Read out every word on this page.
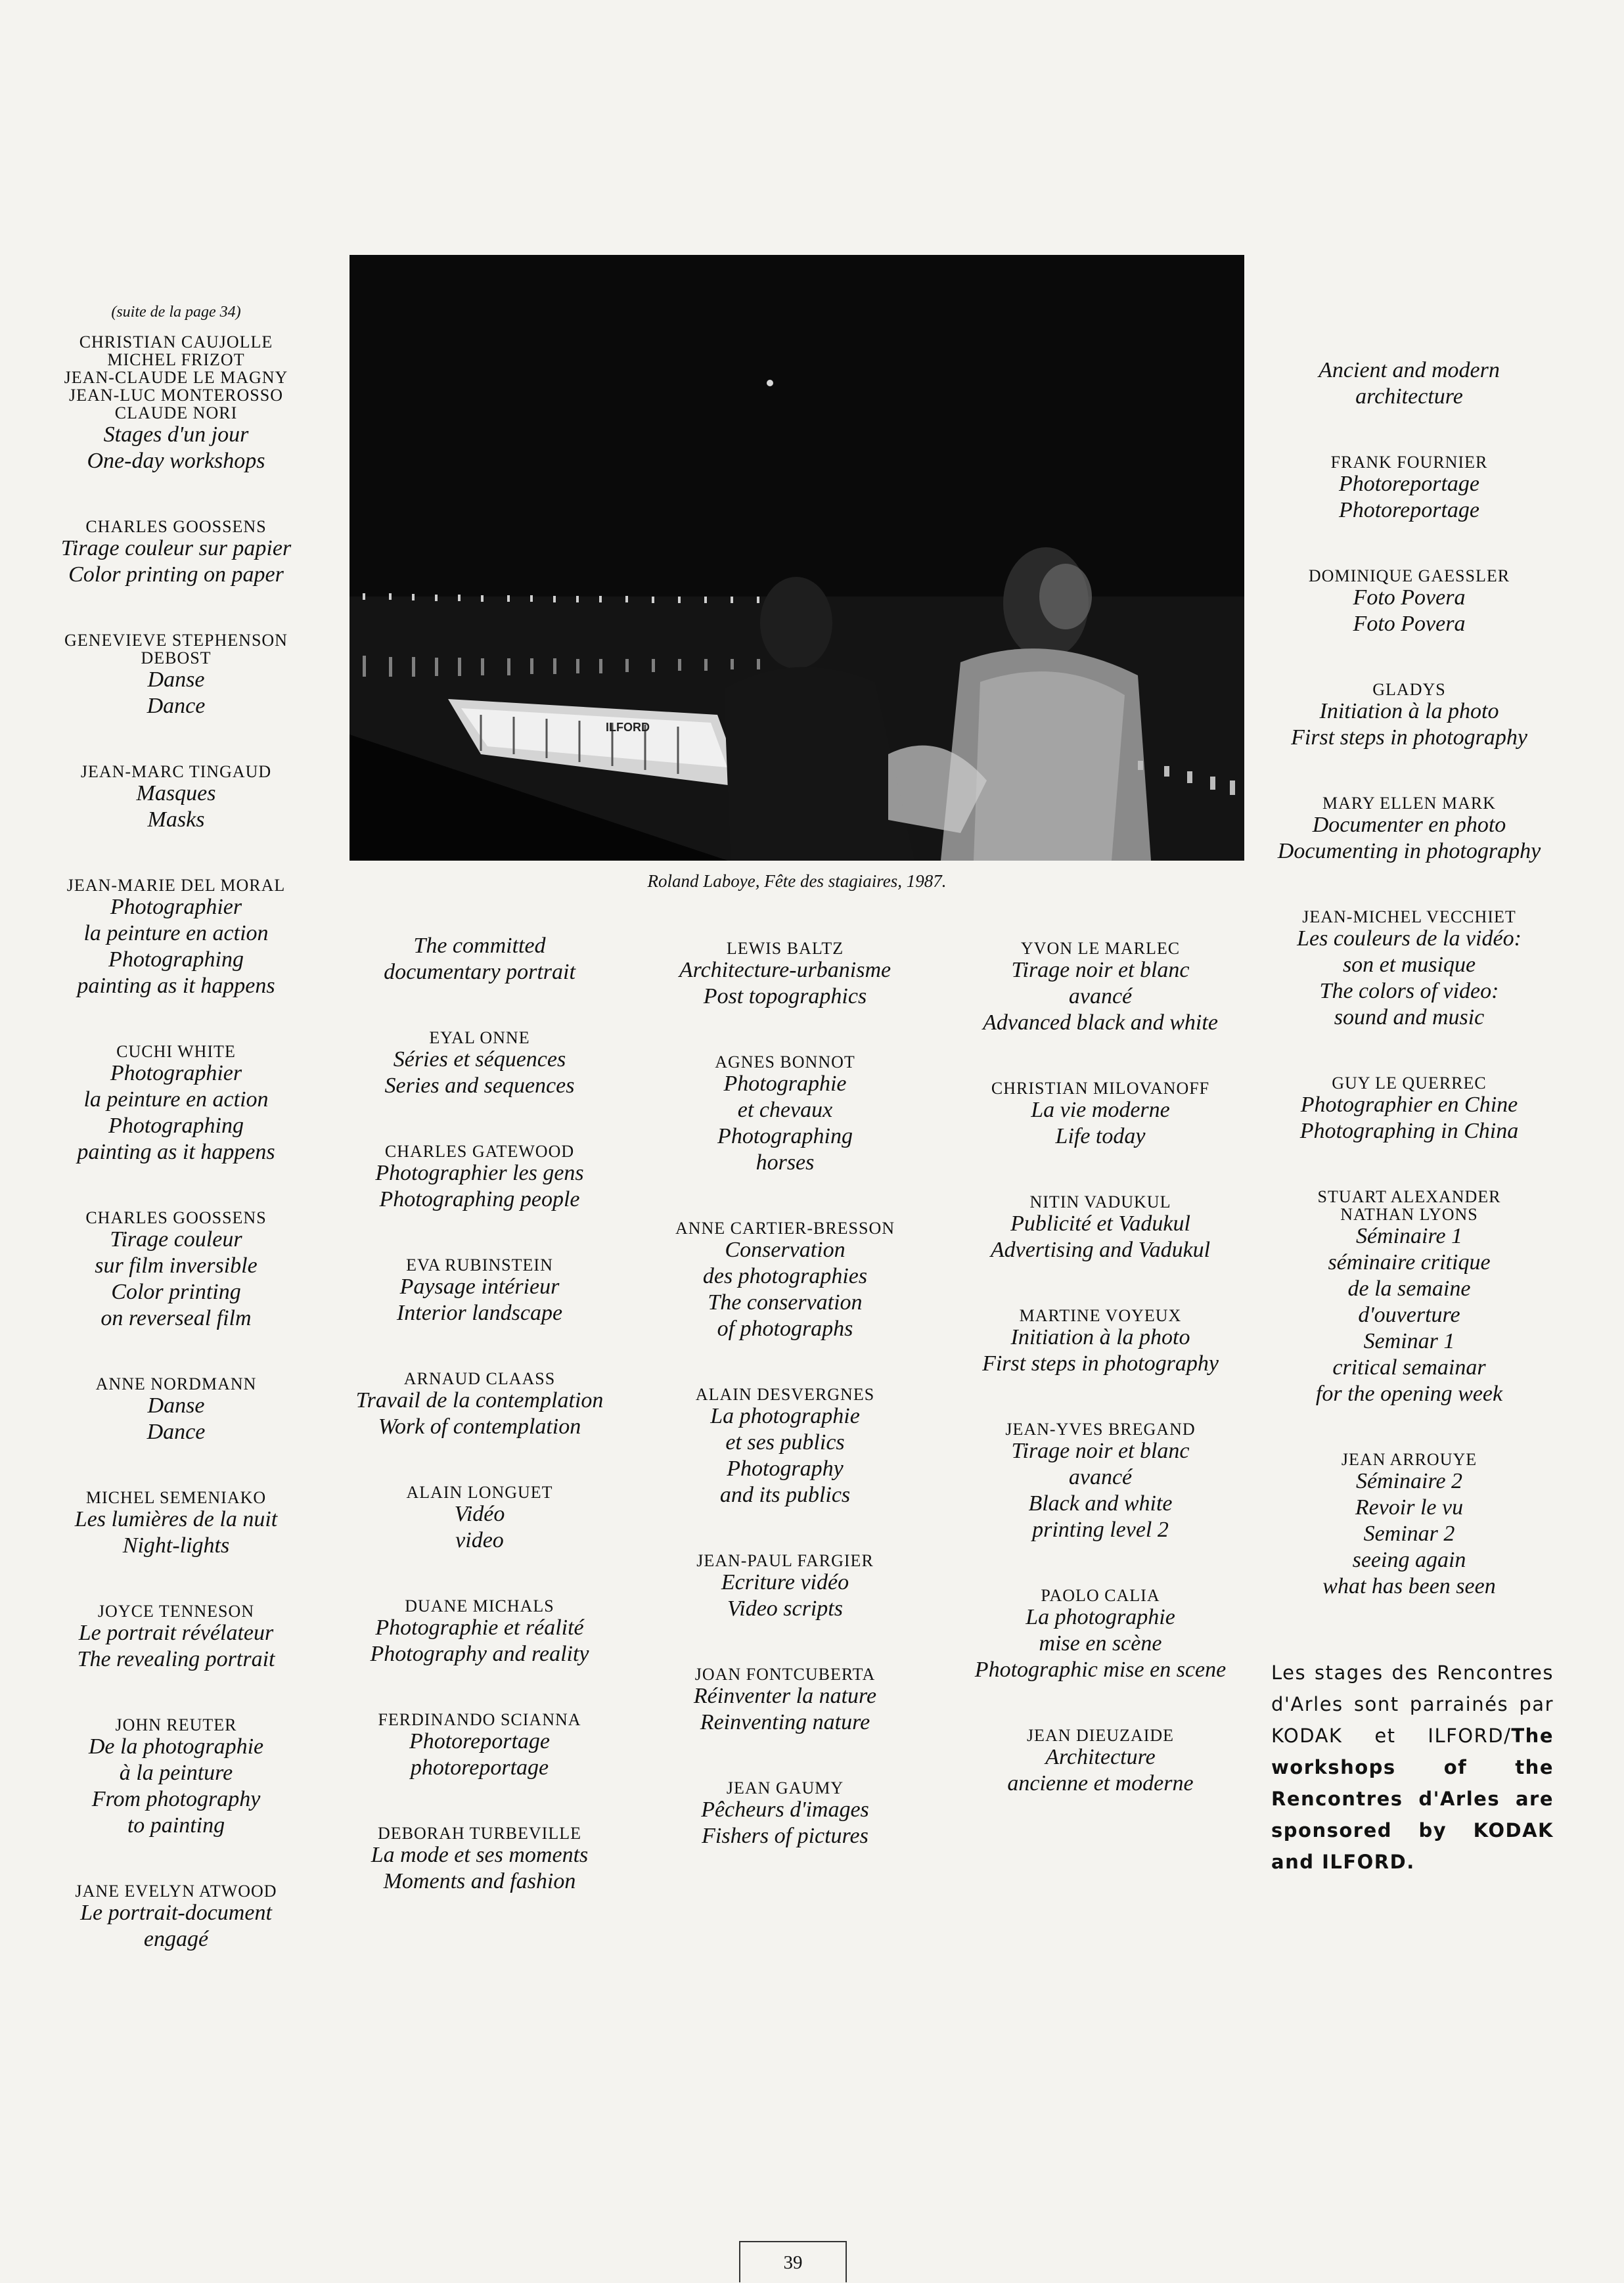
(suite de la page 34)
CHRISTIAN CAUJOLLE
MICHEL FRIZOT
JEAN-CLAUDE LE MAGNY
JEAN-LUC MONTEROSSO
CLAUDE NORI
Stages d'un jour
One-day workshops
CHARLES GOOSSENS
Tirage couleur sur papier
Color printing on paper
GENEVIEVE STEPHENSON
DEBOST
Danse
Dance
JEAN-MARC TINGAUD
Masques
Masks
JEAN-MARIE DEL MORAL
Photographier
la peinture en action
Photographing
painting as it happens
CUCHI WHITE
Photographier
la peinture en action
Photographing
painting as it happens
CHARLES GOOSSENS
Tirage couleur
sur film inversible
Color printing
on reverseal film
ANNE NORDMANN
Danse
Dance
MICHEL SEMENIAKO
Les lumières de la nuit
Night-lights
JOYCE TENNESON
Le portrait révélateur
The revealing portrait
JOHN REUTER
De la photographie
à la peinture
From photography
to painting
JANE EVELYN ATWOOD
Le portrait-document
engagé
ILFORD
Roland Laboye, Fête des stagiaires, 1987.
The committed
documentary portrait
EYAL ONNE
Séries et séquences
Series and sequences
CHARLES GATEWOOD
Photographier les gens
Photographing people
EVA RUBINSTEIN
Paysage intérieur
Interior landscape
ARNAUD CLAASS
Travail de la contemplation
Work of contemplation
ALAIN LONGUET
Vidéo
video
DUANE MICHALS
Photographie et réalité
Photography and reality
FERDINANDO SCIANNA
Photoreportage
photoreportage
DEBORAH TURBEVILLE
La mode et ses moments
Moments and fashion
LEWIS BALTZ
Architecture-urbanisme
Post topographics
AGNES BONNOT
Photographie
et chevaux
Photographing
horses
ANNE CARTIER-BRESSON
Conservation
des photographies
The conservation
of photographs
ALAIN DESVERGNES
La photographie
et ses publics
Photography
and its publics
JEAN-PAUL FARGIER
Ecriture vidéo
Video scripts
JOAN FONTCUBERTA
Réinventer la nature
Reinventing nature
JEAN GAUMY
Pêcheurs d'images
Fishers of pictures
YVON LE MARLEC
Tirage noir et blanc
avancé
Advanced black and white
CHRISTIAN MILOVANOFF
La vie moderne
Life today
NITIN VADUKUL
Publicité et Vadukul
Advertising and Vadukul
MARTINE VOYEUX
Initiation à la photo
First steps in photography
JEAN-YVES BREGAND
Tirage noir et blanc
avancé
Black and white
printing level 2
PAOLO CALIA
La photographie
mise en scène
Photographic mise en scene
JEAN DIEUZAIDE
Architecture
ancienne et moderne
Ancient and modern
architecture
FRANK FOURNIER
Photoreportage
Photoreportage
DOMINIQUE GAESSLER
Foto Povera
Foto Povera
GLADYS
Initiation à la photo
First steps in photography
MARY ELLEN MARK
Documenter en photo
Documenting in photography
JEAN-MICHEL VECCHIET
Les couleurs de la vidéo:
son et musique
The colors of video:
sound and music
GUY LE QUERREC
Photographier en Chine
Photographing in China
STUART ALEXANDER
NATHAN LYONS
Séminaire 1
séminaire critique
de la semaine
d'ouverture
Seminar 1
critical semainar
for the opening week
JEAN ARROUYE
Séminaire 2
Revoir le vu
Seminar 2
seeing again
what has been seen
Les stages des Rencontres d'Arles sont parrainés par KODAK et ILFORD/The workshops of the Rencontres d'Arles are sponsored by KODAK and ILFORD.
39
